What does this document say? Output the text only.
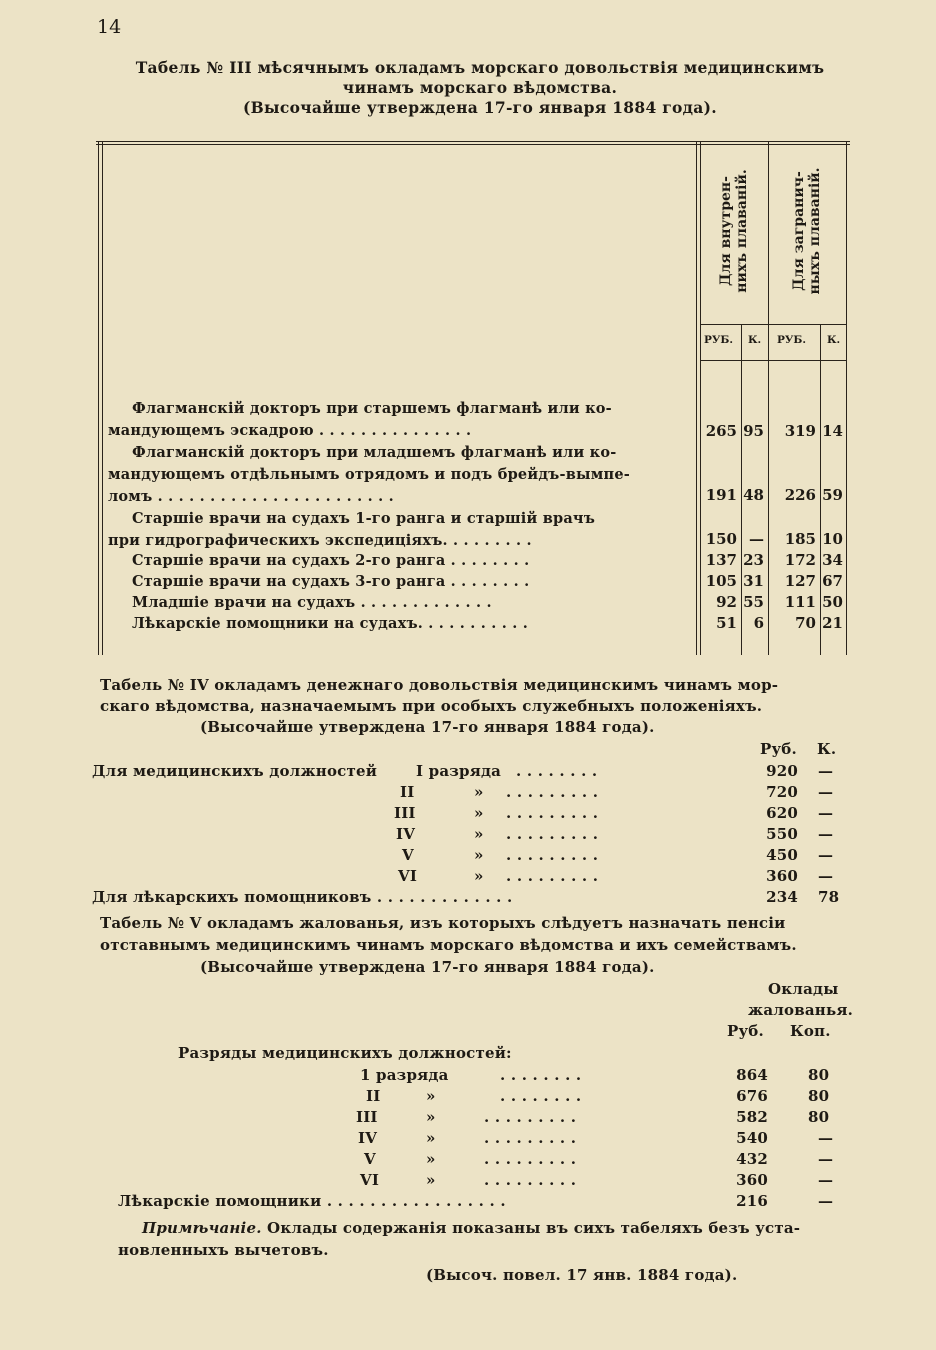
14
Табель № III мѣсячнымъ окладамъ морскаго довольствія медицинскимъ
чинамъ морскаго вѣдомства.
(Высочайше утверждена 17-го января 1884 года).
Для внутрен- нихъ плаваній.	Для загранич- ныхъ плаваній.
РУБ. К. РУБ. К.
Флагманскій докторъ при старшемъ флагманѣ или ко-
мандующемъ эскадрою . . . . . . . . . . . . . . .	265 95	319 14
Флагманскій докторъ при младшемъ флагманѣ или ко-
мандующемъ отдѣльнымъ отрядомъ и подъ брейдъ-вымпе-
ломъ . . . . . . . . . . . . . . . . . . . . . . .	191 48	226 59
Старшіе врачи на судахъ 1-го ранга и старшій врачъ
при гидрографическихъ экспедиціяхъ. . . . . . . . .	150 —	185 10
Старшіе врачи на судахъ 2-го ранга . . . . . . . .	137 23	172 34
Старшіе врачи на судахъ 3-го ранга . . . . . . . .	105 31	127 67
Младшіе врачи на судахъ . . . . . . . . . . . . .	92 55	111 50
Лѣкарскіе помощники на судахъ. . . . . . . . . . .	51	6	70 21
Табель № IV окладамъ денежнаго довольствія медицинскимъ чинамъ мор-
скаго вѣдомства, назначаемымъ при особыхъ служебныхъ положеніяхъ.
(Высочайше утверждена 17-го января 1884 года).
Руб. К.
Для медицинскихъ должностей	I разряда . . . . . . . .	920 —
II	» . . . . . . . . .	720 —
III	» . . . . . . . . .	620 —
IV	» . . . . . . . . .	550 —
V	» . . . . . . . . .	450 —
VI	» . . . . . . . . .	360 —
Для лѣкарскихъ помощниковъ . . . . . . . . . . . . .	234 78
Табель № V окладамъ жалованья, изъ которыхъ слѣдуетъ назначать пенсіи
отставнымъ медицинскимъ чинамъ морскаго вѣдомства и ихъ семействамъ.
(Высочайше утверждена 17-го января 1884 года).
Оклады
жалованья.
Руб. Коп.
Разряды медицинскихъ должностей:
1 разряда	. . . . . . . .	864	80
II	»	. . . . . . . .	676	80
III	»	. . . . . . . . .	582	80
IV	»	. . . . . . . . .	540	—
V	»	. . . . . . . . .	432	—
VI	»	. . . . . . . . .	360	—
Лѣкарскіе помощники . . . . . . . . . . . . . . . . .	216	—
Примѣчаніе. Оклады содержанія показаны въ сихъ табеляхъ безъ уста-
новленныхъ вычетовъ.
(Высоч. повел. 17 янв. 1884 года).
